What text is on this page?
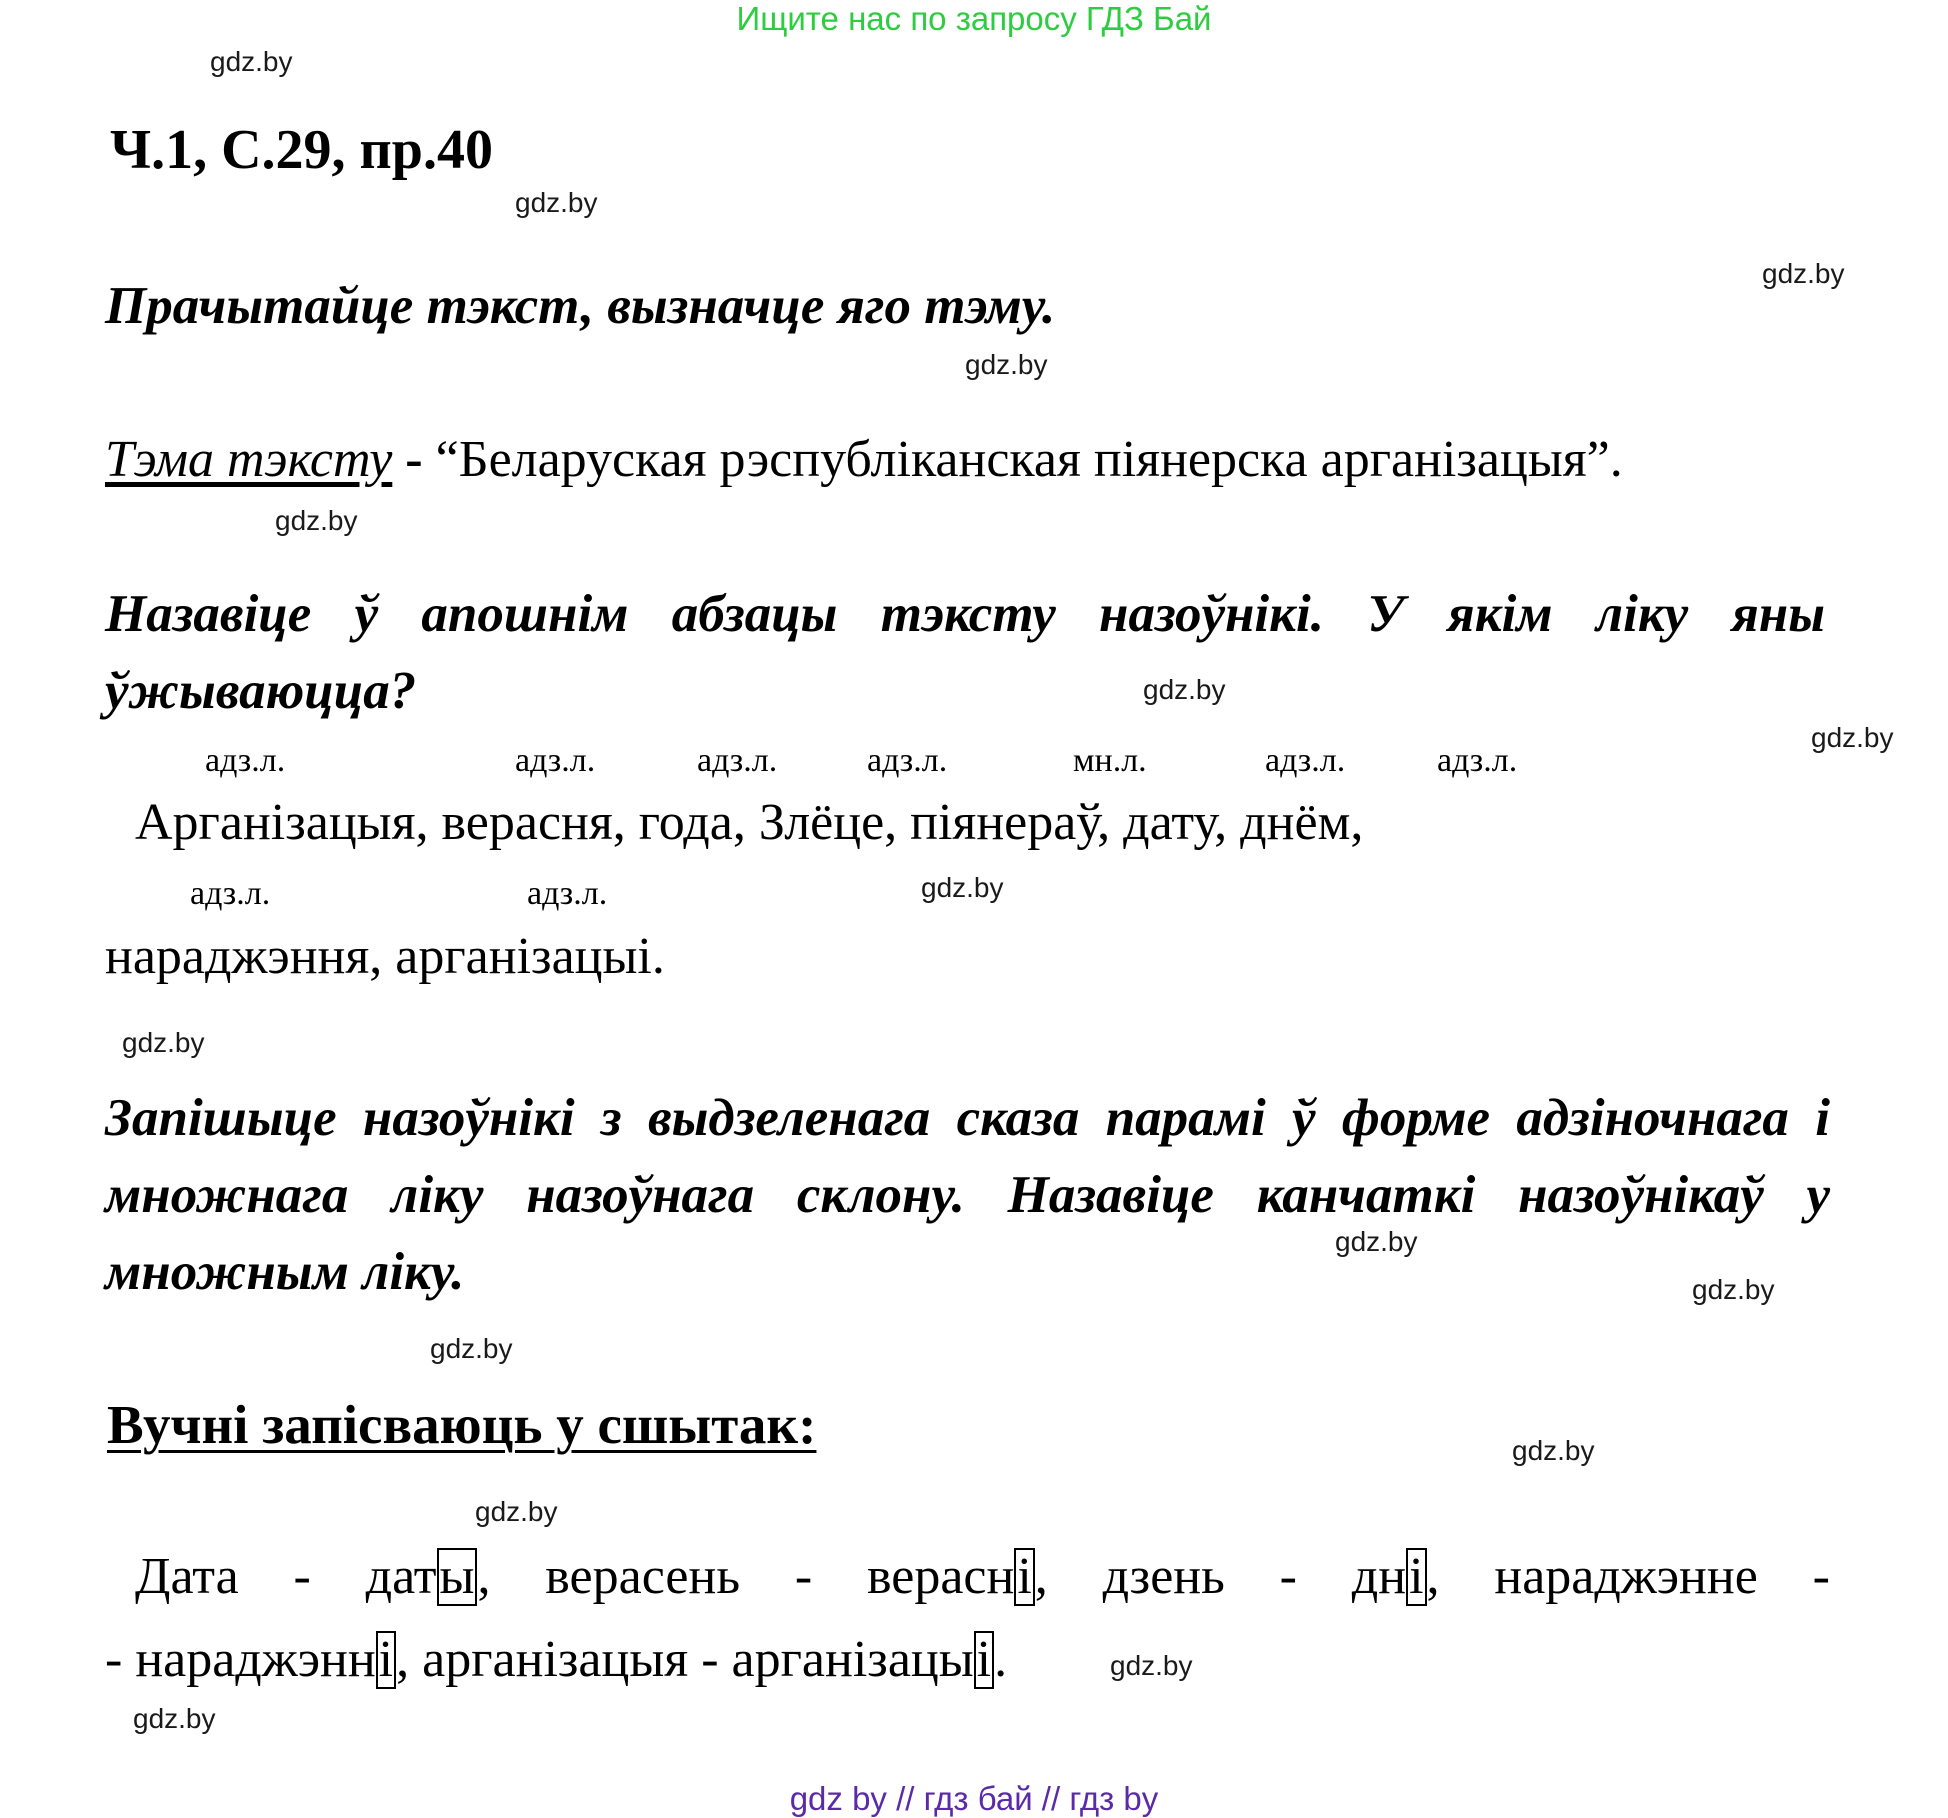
Ищите нас по запросу ГДЗ Бай
gdz.by
gdz.by
gdz.by
gdz.by
gdz.by
gdz.by
gdz.by
gdz.by
gdz.by
gdz.by
gdz.by
gdz.by
gdz.by
gdz.by
gdz.by
gdz.by
Ч.1, С.29, пр.40
Прачытайце тэкст, вызначце яго тэму.
Тэма тэксту - “Беларуская рэспубліканская піянерска арганізацыя”.
Назавіце ў апошнім абзацы тэксту назоўнікі. У якім ліку яны ўжываюцца?
адз.л.	адз.л.	адз.л.	адз.л.	мн.л.	адз.л.	адз.л.
Арганізацыя, верасня, года, Злёце, піянераў, дату, днём,
адз.л.	адз.л.
нараджэння, арганізацыі.
Запішыце назоўнікі з выдзеленага сказа парамі ў форме адзіночнага і множнага ліку назоўнага склону. Назавіце канчаткі назоўнікаў у множным ліку.
Вучні запісваюць у сшытак:
Дата - даты, верасень - верасні, дзень - дні, нараджэнне -
- нараджэнні, арганізацыя - арганізацыі.
gdz by // гдз бай // гдз by
